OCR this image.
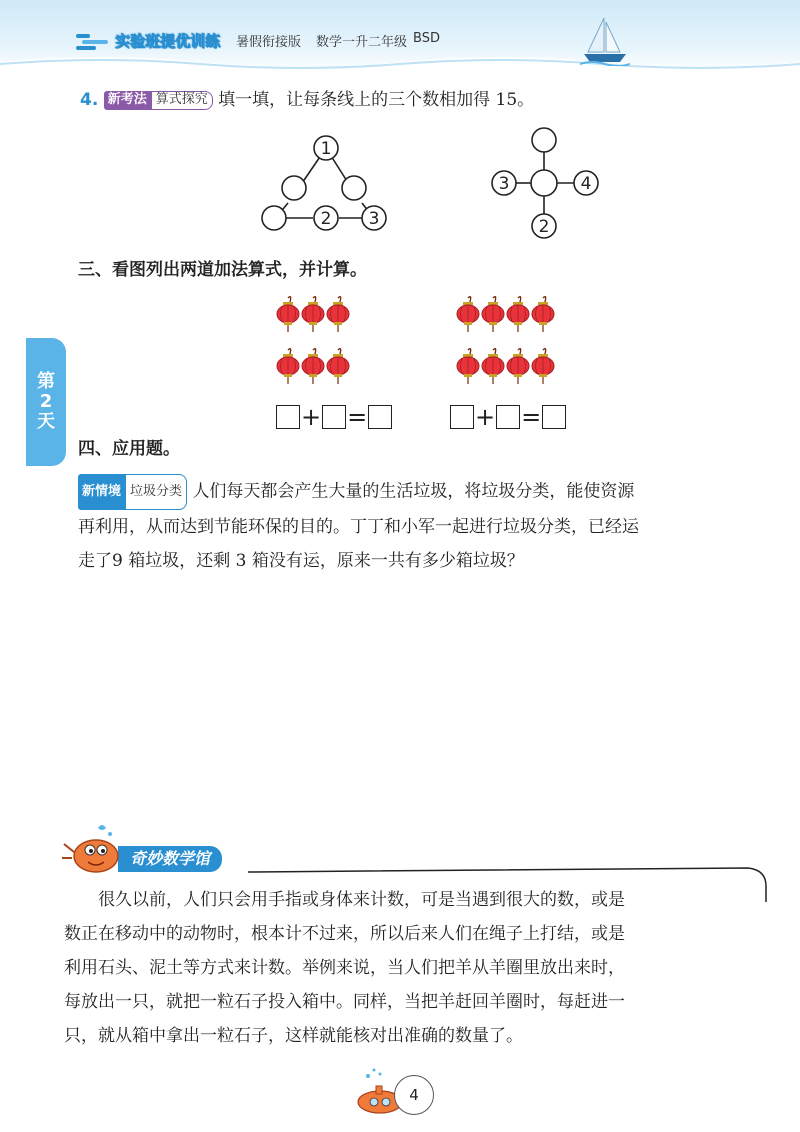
实验班提优训练 暑假衔接版 数学一升二年级 BSD
第
2
天
4. 新考法 算式探究 填一填，让每条线上的三个数相加得 15。
1
2 3
3	4
2
三、看图列出两道加法算式，并计算。
+ =	+ =
四、应用题。
新情境 垃圾分类 人们每天都会产生大量的生活垃圾，将垃圾分类，能使资源
再利用，从而达到节能环保的目的。丁丁和小军一起进行垃圾分类，已经运
走了9 箱垃圾，还剩 3 箱没有运，原来一共有多少箱垃圾？
奇妙数学馆
很久以前，人们只会用手指或身体来计数，可是当遇到很大的数，或是
数正在移动中的动物时，根本计不过来，所以后来人们在绳子上打结，或是
利用石头、泥土等方式来计数。举例来说，当人们把羊从羊圈里放出来时，
每放出一只，就把一粒石子投入箱中。同样，当把羊赶回羊圈时，每赶进一
只，就从箱中拿出一粒石子，这样就能核对出准确的数量了。
4
